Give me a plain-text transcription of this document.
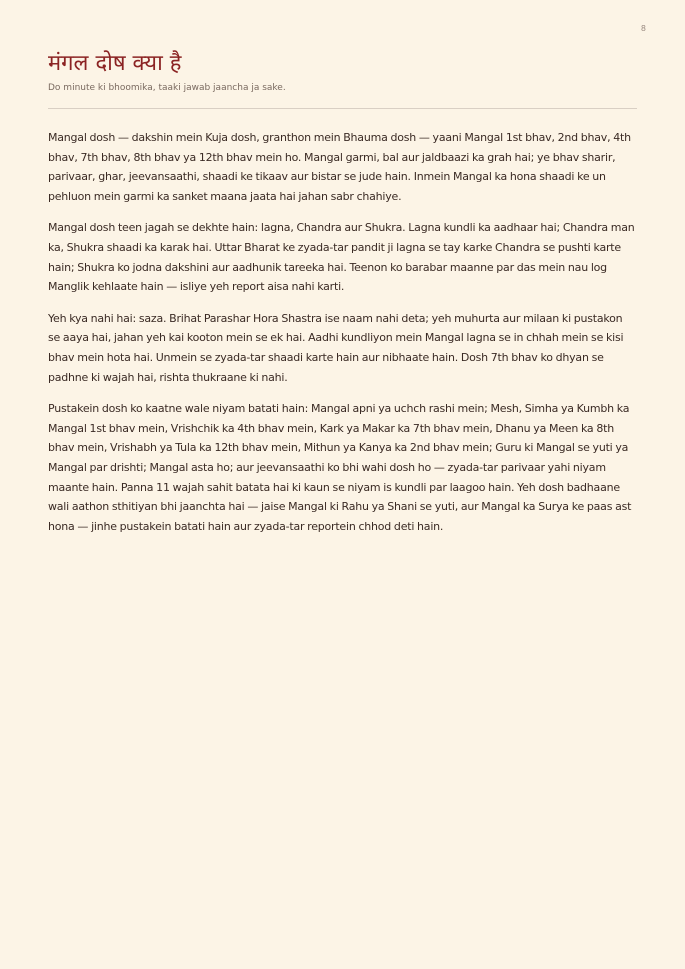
8
मंगल दोष क्या है

Do minute ki bhoomika, taaki jawab jaancha ja sake.

Mangal dosh — dakshin mein Kuja dosh, granthon mein Bhauma dosh — yaani Mangal 1st bhav, 2nd bhav, 4th bhav, 7th bhav, 8th bhav ya 12th bhav mein ho. Mangal garmi, bal aur jaldbaazi ka grah hai; ye bhav sharir, parivaar, ghar, jeevansaathi, shaadi ke tikaav aur bistar se jude hain. Inmein Mangal ka hona shaadi ke un pehluon mein garmi ka sanket maana jaata hai jahan sabr chahiye.

Mangal dosh teen jagah se dekhte hain: lagna, Chandra aur Shukra. Lagna kundli ka aadhaar hai; Chandra man ka, Shukra shaadi ka karak hai. Uttar Bharat ke zyada-tar pandit ji lagna se tay karke Chandra se pushti karte hain; Shukra ko jodna dakshini aur aadhunik tareeka hai. Teenon ko barabar maanne par das mein nau log Manglik kehlaate hain — isliye yeh report aisa nahi karti.

Yeh kya nahi hai: saza. Brihat Parashar Hora Shastra ise naam nahi deta; yeh muhurta aur milaan ki pustakon se aaya hai, jahan yeh kai kooton mein se ek hai. Aadhi kundliyon mein Mangal lagna se in chhah mein se kisi bhav mein hota hai. Unmein se zyada-tar shaadi karte hain aur nibhaate hain. Dosh 7th bhav ko dhyan se padhne ki wajah hai, rishta thukraane ki nahi.

Pustakein dosh ko kaatne wale niyam batati hain: Mangal apni ya uchch rashi mein; Mesh, Simha ya Kumbh ka Mangal 1st bhav mein, Vrishchik ka 4th bhav mein, Kark ya Makar ka 7th bhav mein, Dhanu ya Meen ka 8th bhav mein, Vrishabh ya Tula ka 12th bhav mein, Mithun ya Kanya ka 2nd bhav mein; Guru ki Mangal se yuti ya Mangal par drishti; Mangal asta ho; aur jeevansaathi ko bhi wahi dosh ho — zyada-tar parivaar yahi niyam maante hain. Panna 11 wajah sahit batata hai ki kaun se niyam is kundli par laagoo hain. Yeh dosh badhaane wali aathon sthitiyan bhi jaanchta hai — jaise Mangal ki Rahu ya Shani se yuti, aur Mangal ka Surya ke paas ast hona — jinhe pustakein batati hain aur zyada-tar reportein chhod deti hain.
